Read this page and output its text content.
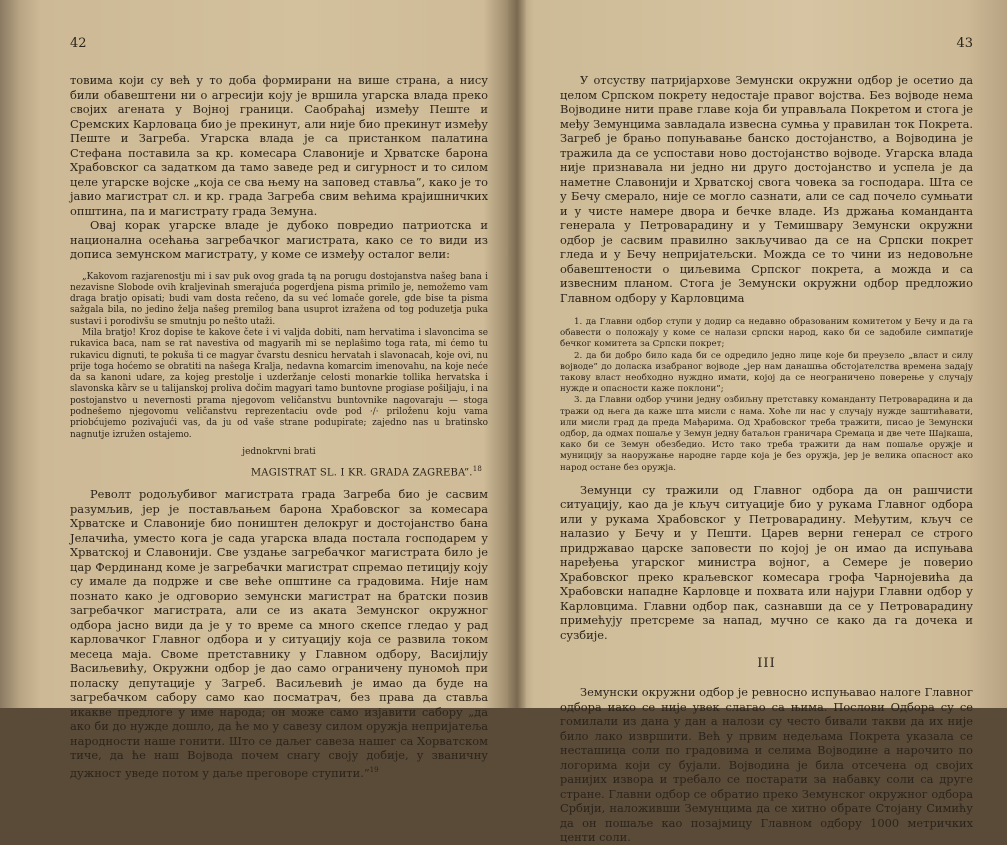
42

товима који су већ у то доба формирани на више страна, а нису били обавештени ни о агресији коју је вршила угарска влада преко својих агената у Војној граници. Саобраћај између Пеште и Сремских Карловаца био је прекинут, али није био прекинут између Пеште и Загреба. Угарска влада је са пристанком палатина Стефана поставила за кр. комесара Славоније и Хрватске барона Храбовског са задатком да тамо заведе ред и сигурност и то силом целе угарске војске „која се сва њему на заповед ставља”, како је то јавио магистрат сл. и кр. града Загреба свим већима крајишничких општина, па и магистрату града Земуна.

Овај корак угарске владе је дубоко повредио патриотска и национална осећања загребачког магистрата, како се то види из дописа земунском магистрату, у коме се између осталог вели:

„Kakovom razjarenostju mi i sav puk ovog grada tą na porugu dostojanstva našeg bana i nezavisne Slobode ovih kraljevinah smerajuća pogerdjena pisma primilo je, nemožemo vam draga bratjo opisati; budi vam dosta rečeno, da su već lomače gorele, gde bise ta pisma sažgala bila, no jedino želja našeg premilog bana usuprot izražena od tog poduzetja puka sustavi i porodivšu se smutnju po nešto utaži.

Mila bratjo! Kroz dopise te kakove čete i vi valjda dobiti, nam hervatima i slavoncima se rukavica baca, nam se rat navestiva od magyarih mi se neplašimo toga rata, mi ćemo tu rukavicu dignuti, te pokuša ti ce magyar čvarstu desnicu hervatah i slavonacah, koje ovi, nu prije toga hoćemo se obratiti na našega Kralja, nedavna komarcim imenovahu, na koje neće da sa kanoni udare, za kojeg prestolje i uzderžanje celosti monarkie tollika hervatska i slavonska kȁrv se u talijanskoj proliva dočim magyari tamo buntovne progiase pošiljaju, i na postojanstvo u nevernosti prama njegovom veličanstvu buntovnike nagovaraju — stoga podnešemo njegovomu veličanstvu reprezentaciu ovde pod ·/· priloženu koju vama priobćujemo pozivajući vas, da ju od vaše strane podupirate; zajedno nas u bratinsko nagnutje izružen ostajemo.

jednokrvni brati
MAGISTRAT SL. I KR. GRADA ZAGREBA”.$^{18}$

Револт родољубивог магистрата града Загреба био је сасвим разумљив, јер је постављањем барона Храбовског за комесара Хрватске и Славоније био поништен делокруг и достојанство бана Јелачића, уместо кога је сада угарска влада постала господарем у Хрватској и Славонији. Све уздање загребачког магистрата било је цар Фердинанд коме је загребачки магистрат спремао петицију коју су имале да подрже и све веће општине са градовима. Није нам познато како је одговорио земунски магистрат на братски позив загребачког магистрата, али се из аката Земунског окружног одбора јасно види да је у то време са много скепсе гледао у рад карловачког Главног одбора и у ситуацију која се развила током месеца маја. Своме претставнику у Главном одбору, Васијлију Васиљевићу, Окружни одбор је дао само ограничену пуномоћ при поласку депутације у Загреб. Васиљевић је имао да буде на загребачком сабору само као посматрач, без права да ставља икакве предлоге у име народа; он може само изјавити сабору „да ако би до нужде дошло, да ће мо у савезу силом оружја непријатеља народности наше гонити. Што се даљег савеза нашег са Хорватском тиче, да ће наш Војвода почем снагу своју добије, у званичну дужност уведе потом у даље преговоре ступити.”$^{19}$

43

У отсуству патријархове Земунски окружни одбор је осетио да целом Српском покрету недостаје правог војства. Без војводе нема Војводине нити праве главе која би управљала Покретом и стога је међу Земунцима завладала извесна сумња у правилан ток Покрета. Загреб је брањо попуњавање банско достојанство, а Војводина је тражила да се успостави ново достојанство војводе. Угарска влада није признавала ни једно ни друго достојанство и успела је да наметне Славонији и Хрватској свога човека за господара. Шта се у Бечу смерало, није се могло сазнати, али се сад почело сумњати и у чисте намере двора и бечке владе. Из држања команданта генерала у Петроварадину и у Темишвару Земунски окружни одбор је сасвим правилно закључивао да се на Српски покрет гледа и у Бечу непријатељски. Можда се то чини из недовољне обавештености о циљевима Српског покрета, а можда и са извесним планом. Стога је Земунски окружни одбор предложио Главном одбору у Карловцима

1. да Главни одбор ступи у додир са недавно образованим комитетом у Бечу и да га обавести о положају у коме се налази српски народ, како би се задобиле симпатије бечког комитета за Српски покрет;

2. да би добро било када би се одредило једно лице које би преузело „власт и силу војводе” до доласка изабраног војводе „јер нам данашња обстојателства времена задају такову власт необходно нуждно имати, којој да се неограничено поверење у случају нужде и опасности каже поклони”;

3. да Главни одбор учини једну озбиљну претставку команданту Петроварадина и да тражи од њега да каже шта мисли с нама. Хоће ли нас у случају нужде заштићавати, или мисли град да преда Мађарима. Од Храбовског треба тражити, писао је Земунски одбор, да одмах пошаље у Земун једну батаљон граничара Сремаца и две чете Шајкаша, како би се Земун обезбедио. Исто тако треба тражити да нам пошаље оружје и муницију за наоружање народне гарде која је без оружја, јер је велика опасност ако народ остане без оружја.

Земунци су тражили од Главног одбора да он рашчисти ситуацију, као да је кључ ситуације био у рукама Главног одбора или у рукама Храбовског у Петроварадину. Међутим, кључ се налазио у Бечу и у Пешти. Царев верни генерал се строго придржавао царске заповести по којој је он имао да испуњава наређења угарског министра војног, а Семере је поверио Храбовског преко краљевског комесара грофа Чарнојевића да Храбовски нападне Карловце и похвата или најури Главни одбор у Карловцима. Главни одбор пак, сазнавши да се у Петроварадину примећују претсреме за напад, мучно се како да га дочека и сузбије.

III

Земунски окружни одбор је ревносно испуњавао налоге Главног одбора иако се није увек слагао са њима. Послови Одбора су се гомилали из дана у дан а налози су често бивали такви да их није било лако извршити. Већ у првим недељама Покрета указала се несташица соли по градовима и селима Војводине а нарочито по логорима који су бујали. Војводина је била отсечена од својих ранијих извора и требало се постарати за набавку соли са друге стране. Главни одбор се обратио преко Земунског окружног одбора Србији, наложивши Земунцима да се хитно обрате Стојану Симићу да он пошаље као позајмицу Главном одбору 1000 метричких центи соли.
